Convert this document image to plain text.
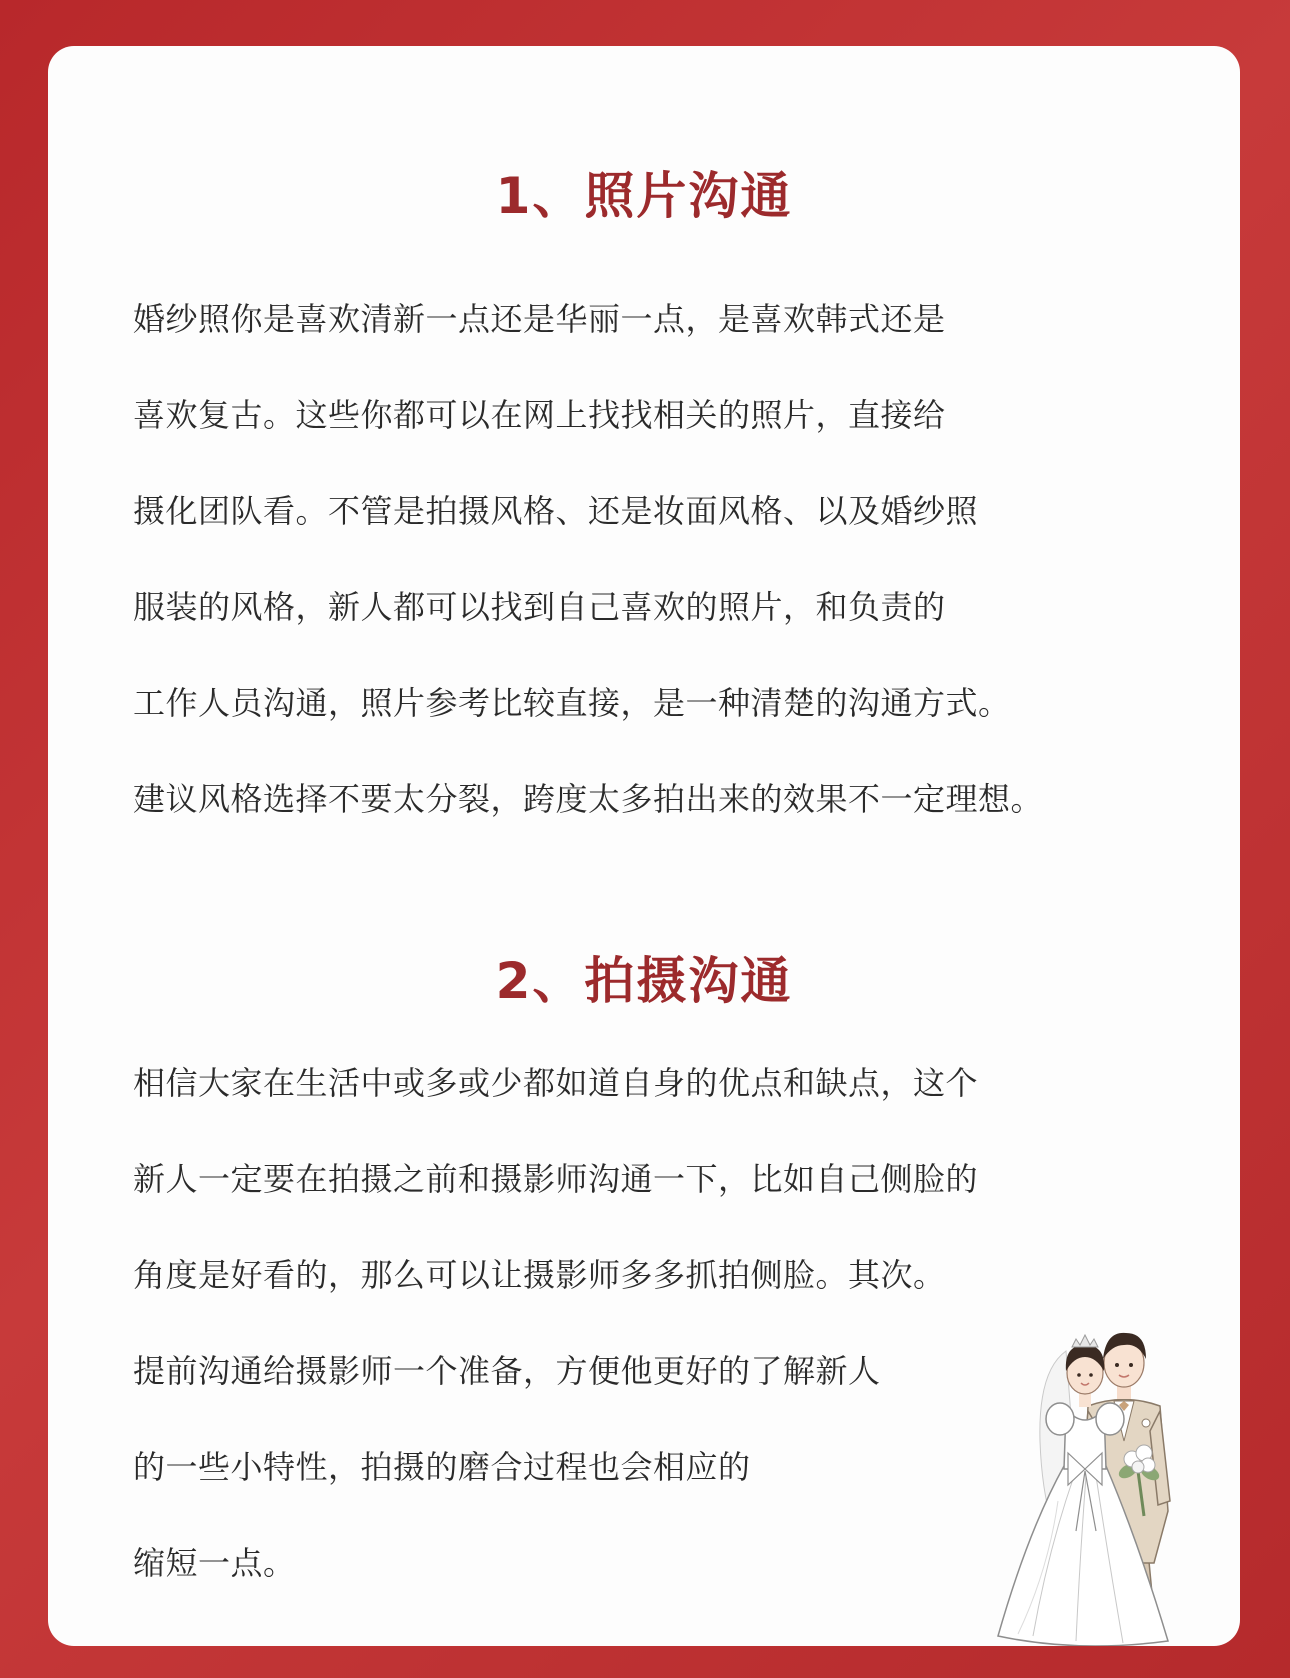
1、照片沟通
婚纱照你是喜欢清新一点还是华丽一点，是喜欢韩式还是
喜欢复古。这些你都可以在网上找找相关的照片，直接给
摄化团队看。不管是拍摄风格、还是妆面风格、以及婚纱照
服装的风格，新人都可以找到自己喜欢的照片，和负责的
工作人员沟通，照片参考比较直接，是一种清楚的沟通方式。
建议风格选择不要太分裂，跨度太多拍出来的效果不一定理想。
2、拍摄沟通
相信大家在生活中或多或少都如道自身的优点和缺点，这个
新人一定要在拍摄之前和摄影师沟通一下，比如自己侧脸的
角度是好看的，那么可以让摄影师多多抓拍侧脸。其次。
提前沟通给摄影师一个准备，方便他更好的了解新人
的一些小特性，拍摄的磨合过程也会相应的
缩短一点。
